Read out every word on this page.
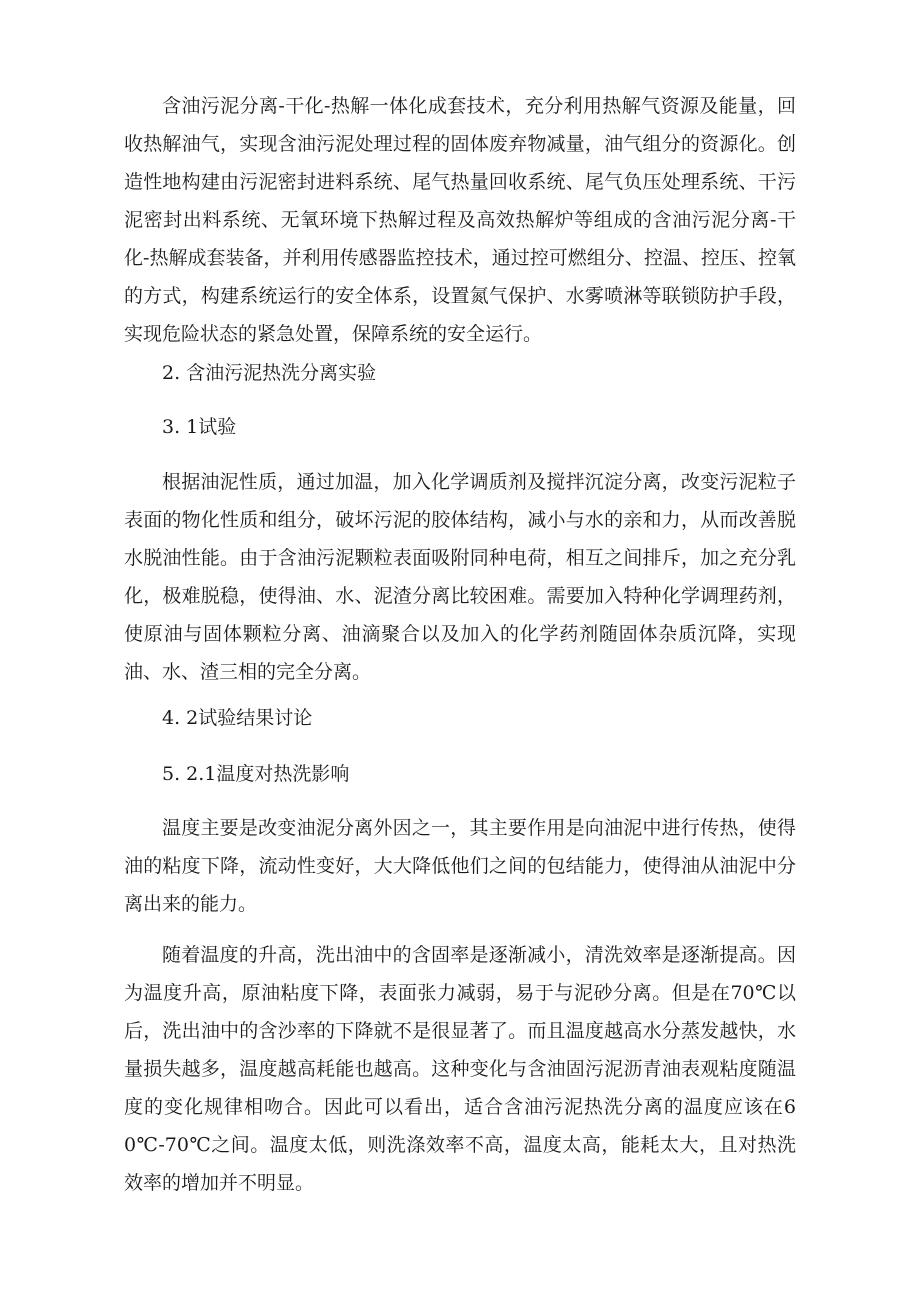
含油污泥分离-干化-热解一体化成套技术，充分利用热解气资源及能量，回收热解油气，实现含油污泥处理过程的固体废弃物减量，油气组分的资源化。创造性地构建由污泥密封进料系统、尾气热量回收系统、尾气负压处理系统、干污泥密封出料系统、无氧环境下热解过程及高效热解炉等组成的含油污泥分离-干化-热解成套装备，并利用传感器监控技术，通过控可燃组分、控温、控压、控氧的方式，构建系统运行的安全体系，设置氮气保护、水雾喷淋等联锁防护手段，实现危险状态的紧急处置，保障系统的安全运行。

2. 含油污泥热洗分离实验

3. 1试验

根据油泥性质，通过加温，加入化学调质剂及搅拌沉淀分离，改变污泥粒子表面的物化性质和组分，破坏污泥的胶体结构，减小与水的亲和力，从而改善脱水脱油性能。由于含油污泥颗粒表面吸附同种电荷，相互之间排斥，加之充分乳化，极难脱稳，使得油、水、泥渣分离比较困难。需要加入特种化学调理药剂，使原油与固体颗粒分离、油滴聚合以及加入的化学药剂随固体杂质沉降，实现油、水、渣三相的完全分离。

4. 2试验结果讨论

5. 2.1温度对热洗影响

温度主要是改变油泥分离外因之一，其主要作用是向油泥中进行传热，使得油的粘度下降，流动性变好，大大降低他们之间的包结能力，使得油从油泥中分离出来的能力。

随着温度的升高，洗出油中的含固率是逐渐减小，清洗效率是逐渐提高。因为温度升高，原油粘度下降，表面张力减弱，易于与泥砂分离。但是在70℃以后，洗出油中的含沙率的下降就不是很显著了。而且温度越高水分蒸发越快，水量损失越多，温度越高耗能也越高。这种变化与含油固污泥沥青油表观粘度随温度的变化规律相吻合。因此可以看出，适合含油污泥热洗分离的温度应该在60℃-70℃之间。温度太低，则洗涤效率不高，温度太高，能耗太大，且对热洗效率的增加并不明显。
